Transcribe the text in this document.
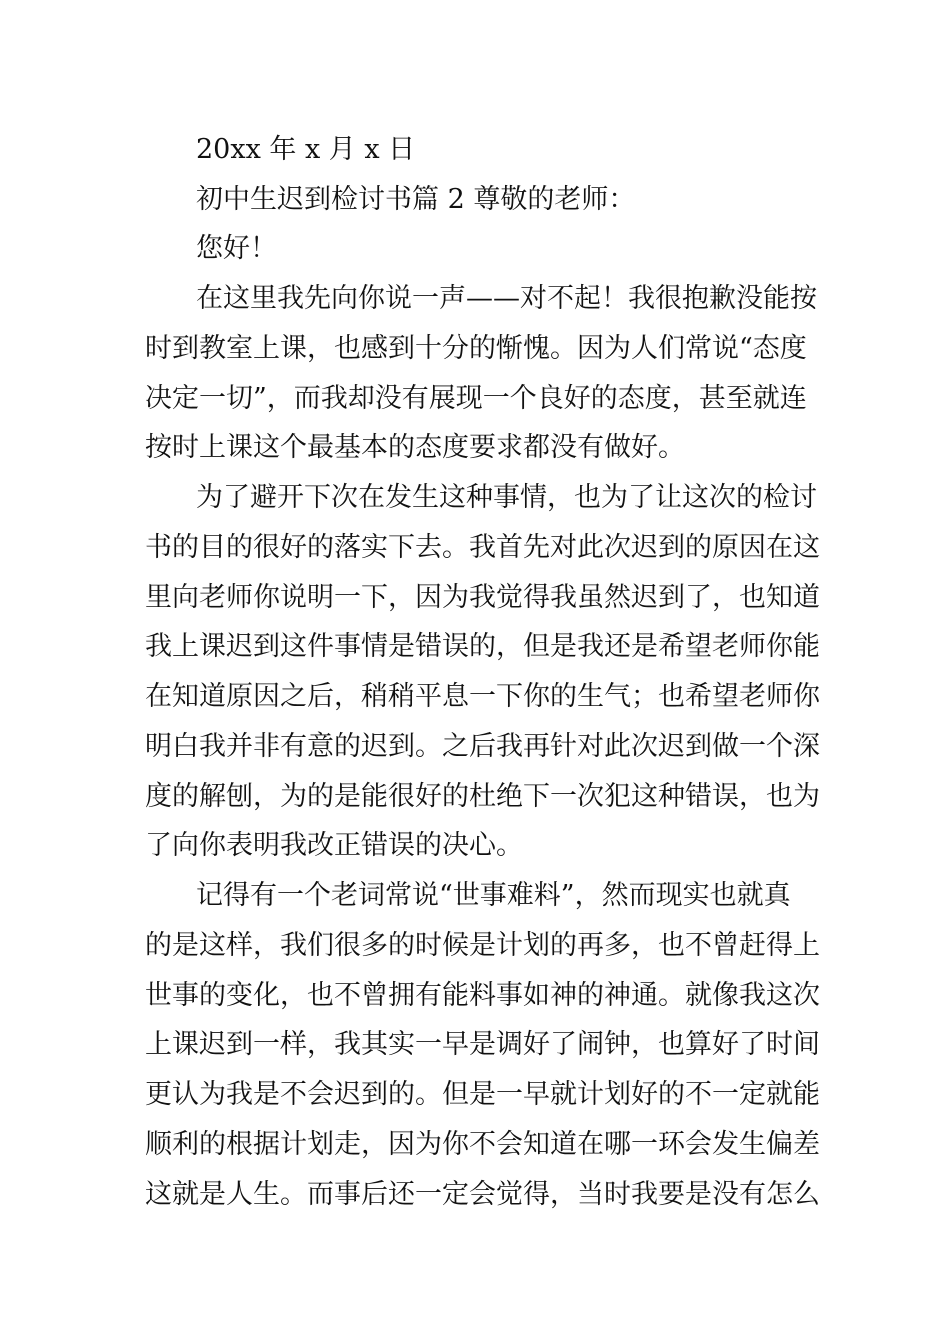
20xx 年 x 月 x 日
初中生迟到检讨书篇 2 尊敬的老师：
您好！
在这里我先向你说一声——对不起！我很抱歉没能按
时到教室上课，也感到十分的惭愧。因为人们常说“态度
决定一切”，而我却没有展现一个良好的态度，甚至就连
按时上课这个最基本的态度要求都没有做好。
为了避开下次在发生这种事情，也为了让这次的检讨
书的目的很好的落实下去。我首先对此次迟到的原因在这
里向老师你说明一下，因为我觉得我虽然迟到了，也知道
我上课迟到这件事情是错误的，但是我还是希望老师你能
在知道原因之后，稍稍平息一下你的生气；也希望老师你
明白我并非有意的迟到。之后我再针对此次迟到做一个深
度的解刨，为的是能很好的杜绝下一次犯这种错误，也为
了向你表明我改正错误的决心。
记得有一个老词常说“世事难料”，然而现实也就真
的是这样，我们很多的时候是计划的再多，也不曾赶得上
世事的变化，也不曾拥有能料事如神的神通。就像我这次
上课迟到一样，我其实一早是调好了闹钟，也算好了时间
更认为我是不会迟到的。但是一早就计划好的不一定就能
顺利的根据计划走，因为你不会知道在哪一环会发生偏差
这就是人生。而事后还一定会觉得，当时我要是没有怎么
